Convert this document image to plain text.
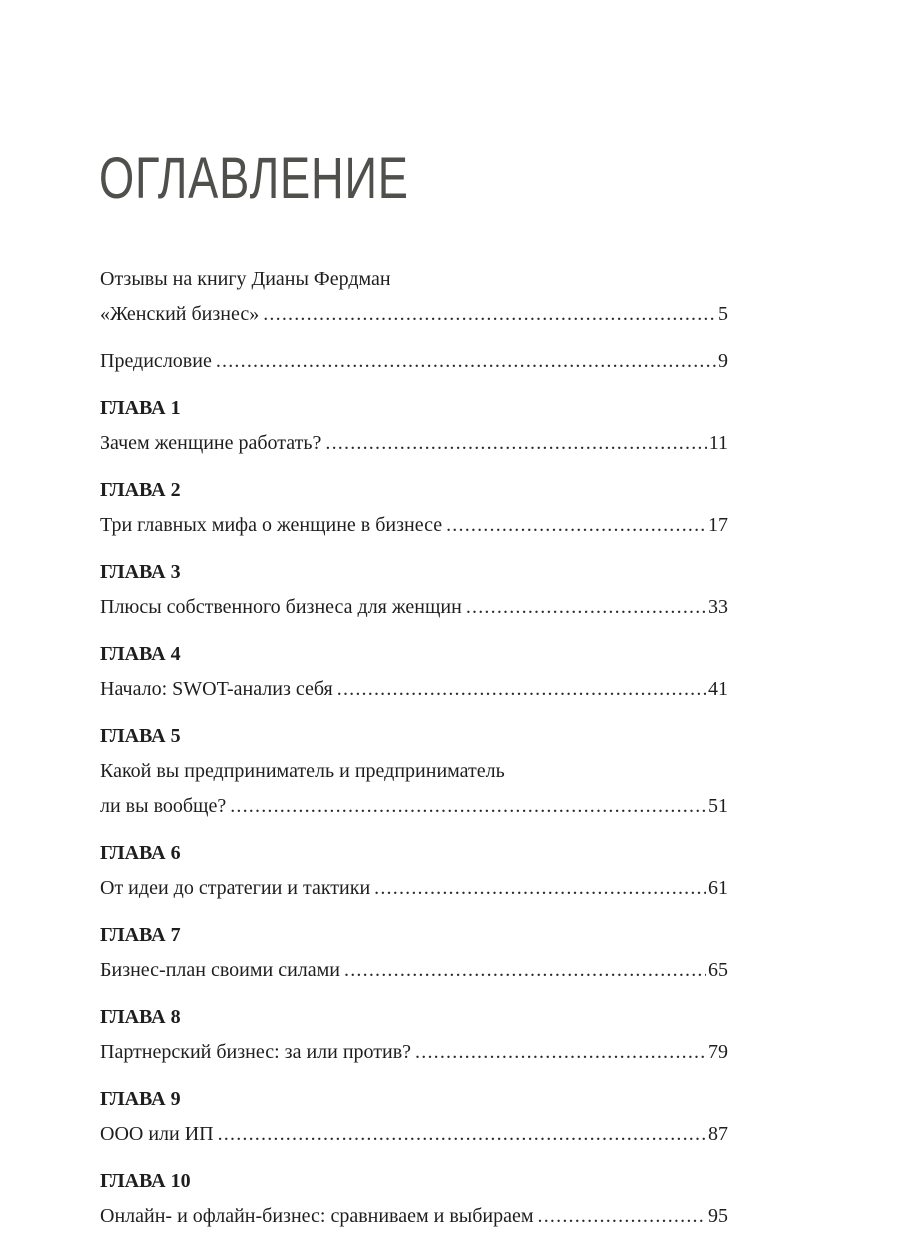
ОГЛАВЛЕНИЕ
Отзывы на книгу Дианы Фердман
«Женский бизнес» .....	5
Предисловие .....	9
ГЛАВА 1
Зачем женщине работать? .....	11
ГЛАВА 2
Три главных мифа о женщине в бизнесе .....	17
ГЛАВА 3
Плюсы собственного бизнеса для женщин .....	33
ГЛАВА 4
Начало: SWOT-анализ себя .....	41
ГЛАВА 5
Какой вы предприниматель и предприниматель
ли вы вообще? .....	51
ГЛАВА 6
От идеи до стратегии и тактики .....	61
ГЛАВА 7
Бизнес-план своими силами .....	65
ГЛАВА 8
Партнерский бизнес: за или против? .....	79
ГЛАВА 9
ООО или ИП .....	87
ГЛАВА 10
Онлайн- и офлайн-бизнес: сравниваем и выбираем .....	95
